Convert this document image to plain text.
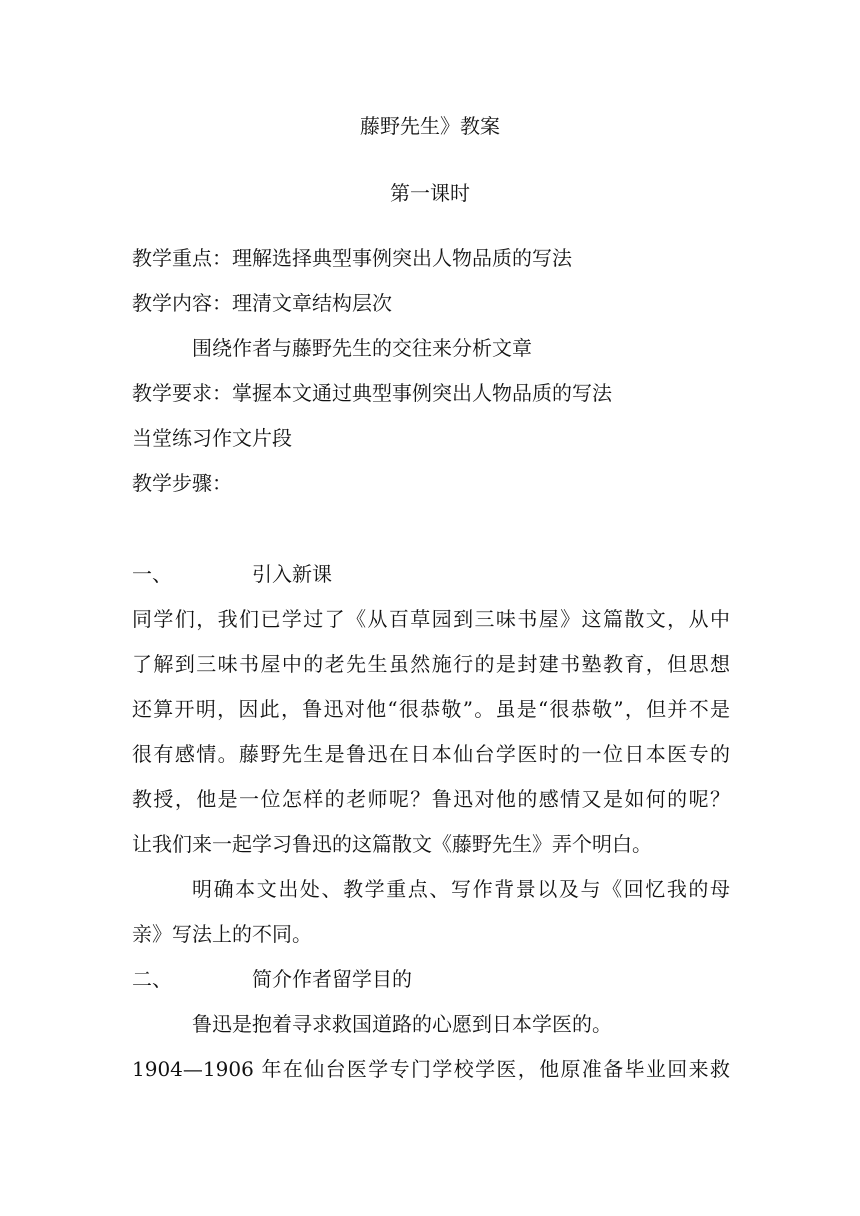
藤野先生》教案
第一课时
教学重点：理解选择典型事例突出人物品质的写法
教学内容：理清文章结构层次
围绕作者与藤野先生的交往来分析文章
教学要求：掌握本文通过典型事例突出人物品质的写法
当堂练习作文片段
教学步骤：
一、	引入新课
同学们，我们已学过了《从百草园到三味书屋》这篇散文，从中
了解到三味书屋中的老先生虽然施行的是封建书塾教育，但思想
还算开明，因此，鲁迅对他“很恭敬”。虽是“很恭敬”，但并不是
很有感情。藤野先生是鲁迅在日本仙台学医时的一位日本医专的
教授，他是一位怎样的老师呢？鲁迅对他的感情又是如何的呢？
让我们来一起学习鲁迅的这篇散文《藤野先生》弄个明白。
明确本文出处、教学重点、写作背景以及与《回忆我的母
亲》写法上的不同。
二、	简介作者留学目的
鲁迅是抱着寻求救国道路的心愿到日本学医的。
1904—1906 年在仙台医学专门学校学医，他原准备毕业回来救
